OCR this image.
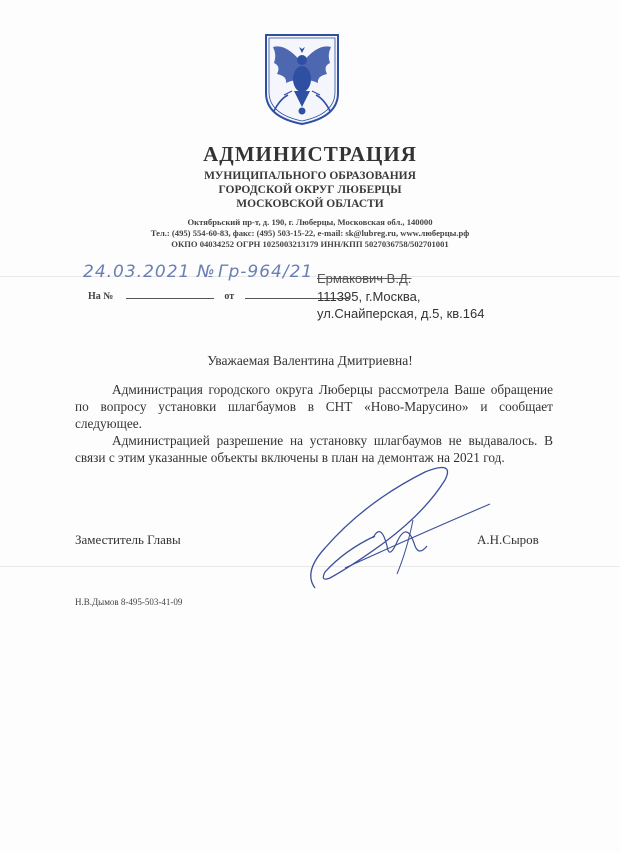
АДМИНИСТРАЦИЯ
МУНИЦИПАЛЬНОГО ОБРАЗОВАНИЯ
ГОРОДСКОЙ ОКРУГ ЛЮБЕРЦЫ
МОСКОВСКОЙ ОБЛАСТИ
Октябрьский пр-т, д. 190, г. Люберцы, Московская обл., 140000
Тел.: (495) 554-60-83, факс: (495) 503-15-22, e-mail: sk@lubreg.ru, www.люберцы.рф
ОКПО 04034252 ОГРН 1025003213179 ИНН/КПП 5027036758/502701001
24.03.2021 № Гр-964/21
На №	от
Ермакович В.Д.
111395, г.Москва,
ул.Снайперская, д.5, кв.164
Уважаемая Валентина Дмитриевна!

Администрация городского округа Люберцы рассмотрела Ваше обращение по вопросу установки шлагбаумов в СНТ «Ново-Марусино» и сообщает следующее.

Администрацией разрешение на установку шлагбаумов не выдавалось. В связи с этим указанные объекты включены в план на демонтаж на 2021 год.

Заместитель Главы	А.Н.Сыров
Н.В.Дымов 8-495-503-41-09
